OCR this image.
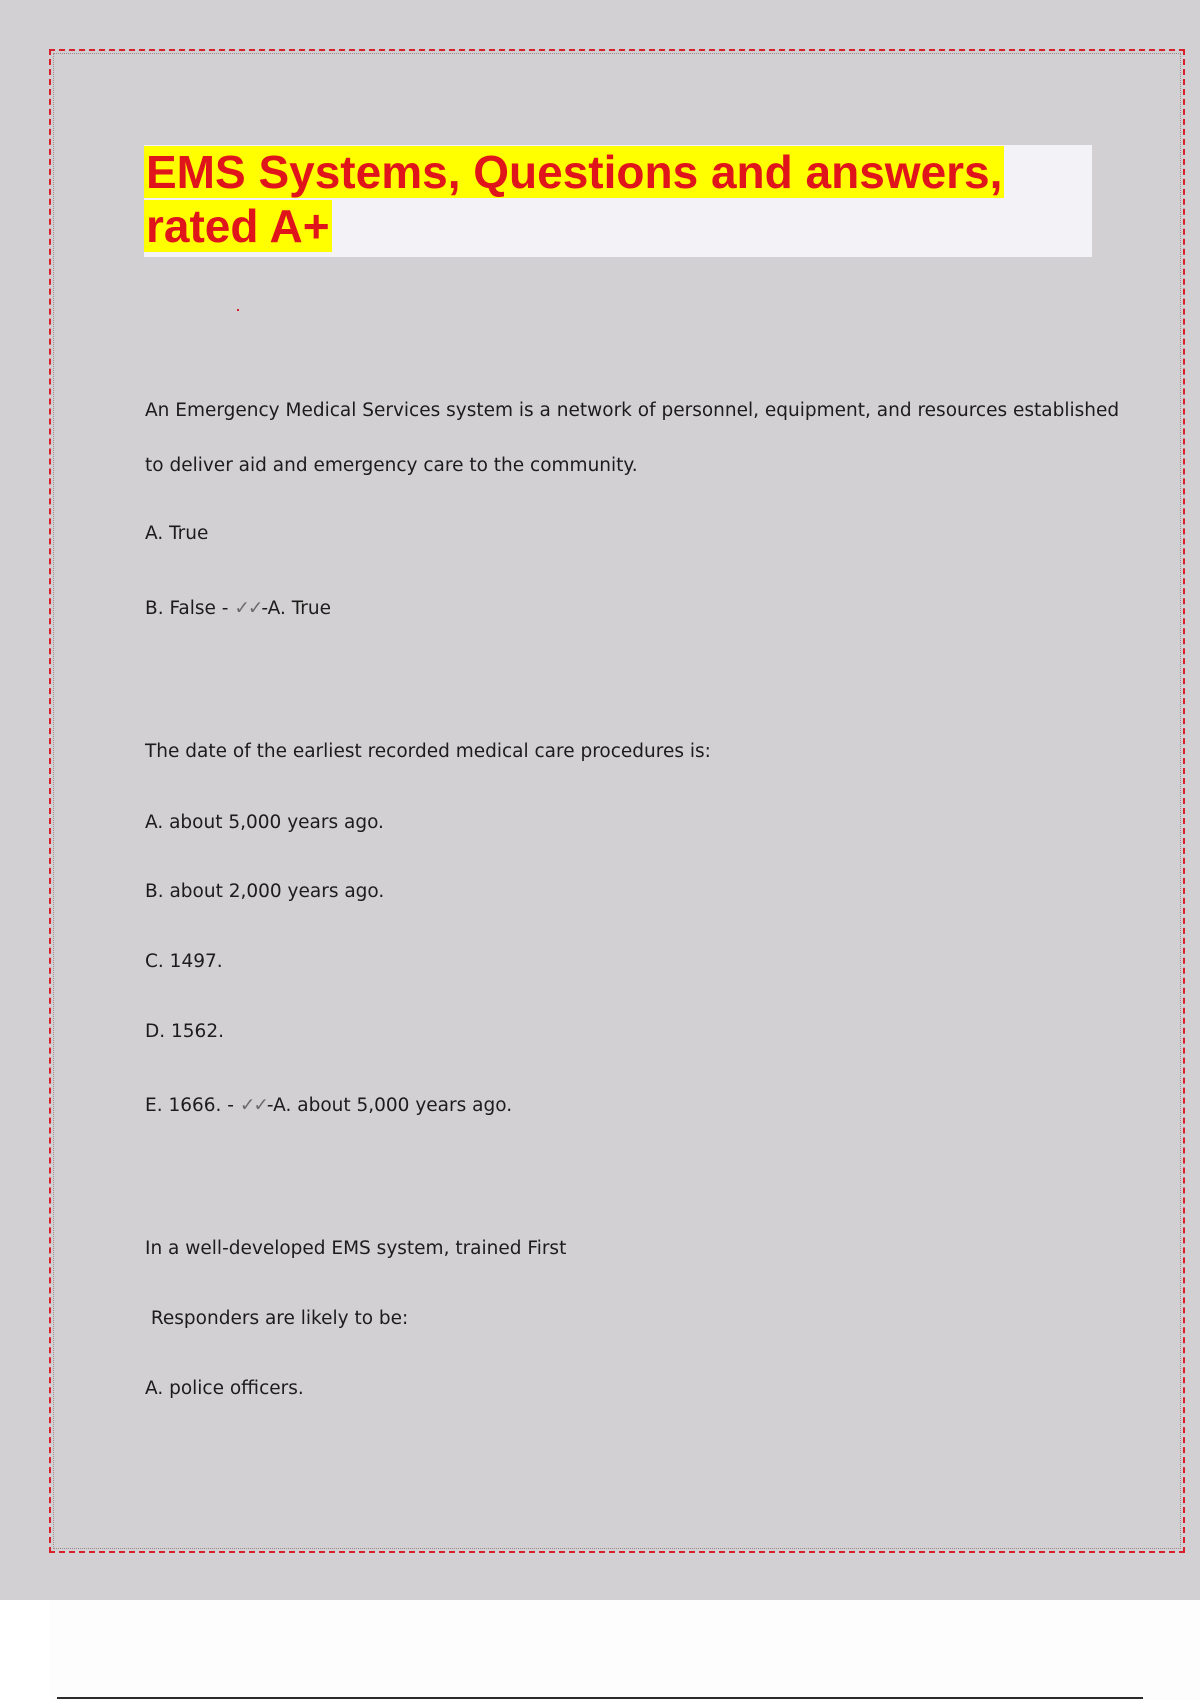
EMS Systems, Questions and answers,
rated A+
An Emergency Medical Services system is a network of personnel, equipment, and resources established
to deliver aid and emergency care to the community.
A. True
B. False - ✓✓-A. True
The date of the earliest recorded medical care procedures is:
A. about 5,000 years ago.
B. about 2,000 years ago.
C. 1497.
D. 1562.
E. 1666. - ✓✓-A. about 5,000 years ago.
In a well-developed EMS system, trained First
Responders are likely to be:
A. police officers.
